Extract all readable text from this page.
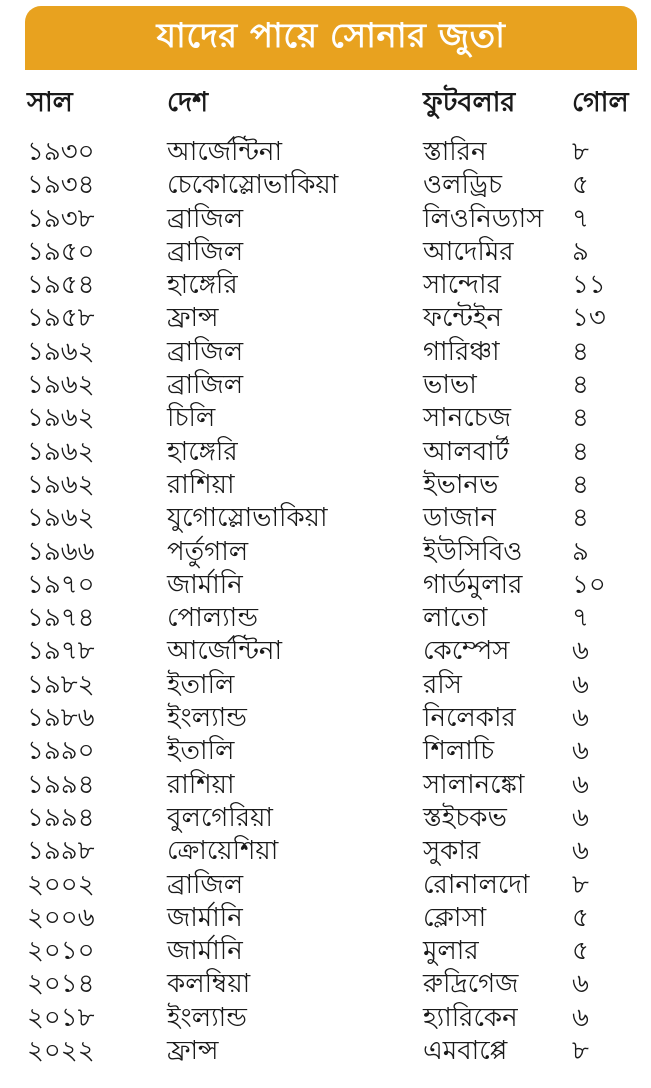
যাদের পায়ে সোনার জুতা
সাল	দেশ	ফুটবলার গোল
১৯৩০	আর্জেন্টিনা	স্তারিন	৮
১৯৩৪	চেকোস্লোভাকিয়া	ওলড্রিচ	৫
১৯৩৮	ব্রাজিল	লিওনিড্যাস ৭
১৯৫০	ব্রাজিল	আদেমির ৯
১৯৫৪	হাঙ্গেরি	সান্দোর	১১
১৯৫৮	ফ্রান্স	ফন্টেইন	১৩
১৯৬২	ব্রাজিল	গারিঞ্চা	৪
১৯৬২	ব্রাজিল	ভাভা	৪
১৯৬২	চিলি	সানচেজ ৪
১৯৬২	হাঙ্গেরি	আলবার্ট ৪
১৯৬২	রাশিয়া	ইভানভ	৪
১৯৬২	যুগোস্লোভাকিয়া	ডাজান	৪
১৯৬৬	পর্তুগাল	ইউসিবিও ৯
১৯৭০	জার্মানি	গার্ডমুলার ১০
১৯৭৪	পোল্যান্ড	লাতো	৭
১৯৭৮	আর্জেন্টিনা	কেম্পেস ৬
১৯৮২	ইতালি	রসি	৬
১৯৮৬	ইংল্যান্ড	নিলেকার ৬
১৯৯০	ইতালি	শিলাচি	৬
১৯৯৪	রাশিয়া	সালানঙ্কো ৬
১৯৯৪	বুলগেরিয়া	স্তইচকভ	৬
১৯৯৮	ক্রোয়েশিয়া	সুকার	৬
২০০২	ব্রাজিল	রোনালদো ৮
২০০৬	জার্মানি	ক্লোসা	৫
২০১০	জার্মানি	মুলার	৫
২০১৪	কলম্বিয়া	রুদ্রিগেজ ৬
২০১৮	ইংল্যান্ড	হ্যারিকেন ৬
২০২২	ফ্রান্স	এমবাপ্পে ৮
